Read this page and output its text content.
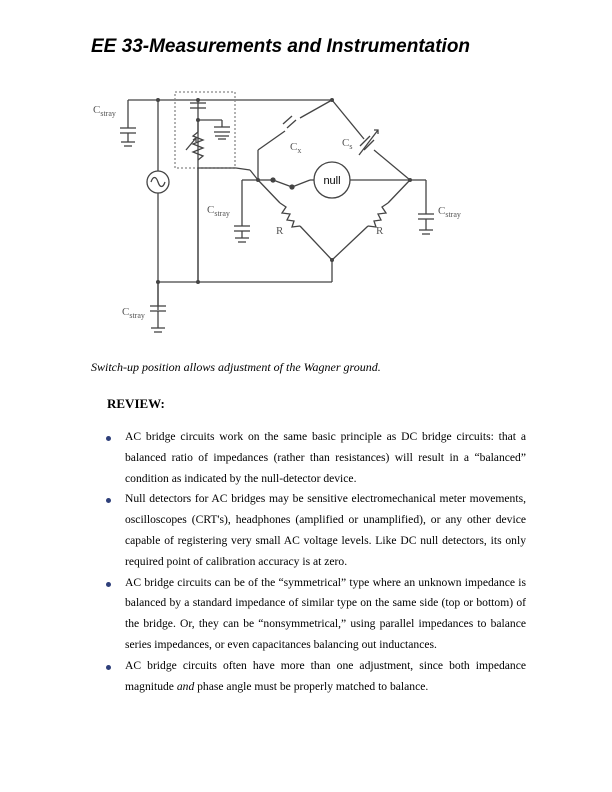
EE 33-Measurements and Instrumentation
$C_{stray}$
$C_{stray}$	$C_{stray}$
$C_{stray}$
$C_x$
$C_s$
R	R
null
Switch-up position allows adjustment of the Wagner ground.
REVIEW:
AC bridge circuits work on the same basic principle as DC bridge circuits: that a balanced ratio of impedances (rather than resistances) will result in a “balanced” condition as indicated by the null-detector device.
Null detectors for AC bridges may be sensitive electromechanical meter movements, oscilloscopes (CRT's), headphones (amplified or unamplified), or any other device capable of registering very small AC voltage levels. Like DC null detectors, its only required point of calibration accuracy is at zero.
AC bridge circuits can be of the “symmetrical” type where an unknown impedance is balanced by a standard impedance of similar type on the same side (top or bottom) of the bridge. Or, they can be “nonsymmetrical,” using parallel impedances to balance series impedances, or even capacitances balancing out inductances.
AC bridge circuits often have more than one adjustment, since both impedance magnitude and phase angle must be properly matched to balance.
